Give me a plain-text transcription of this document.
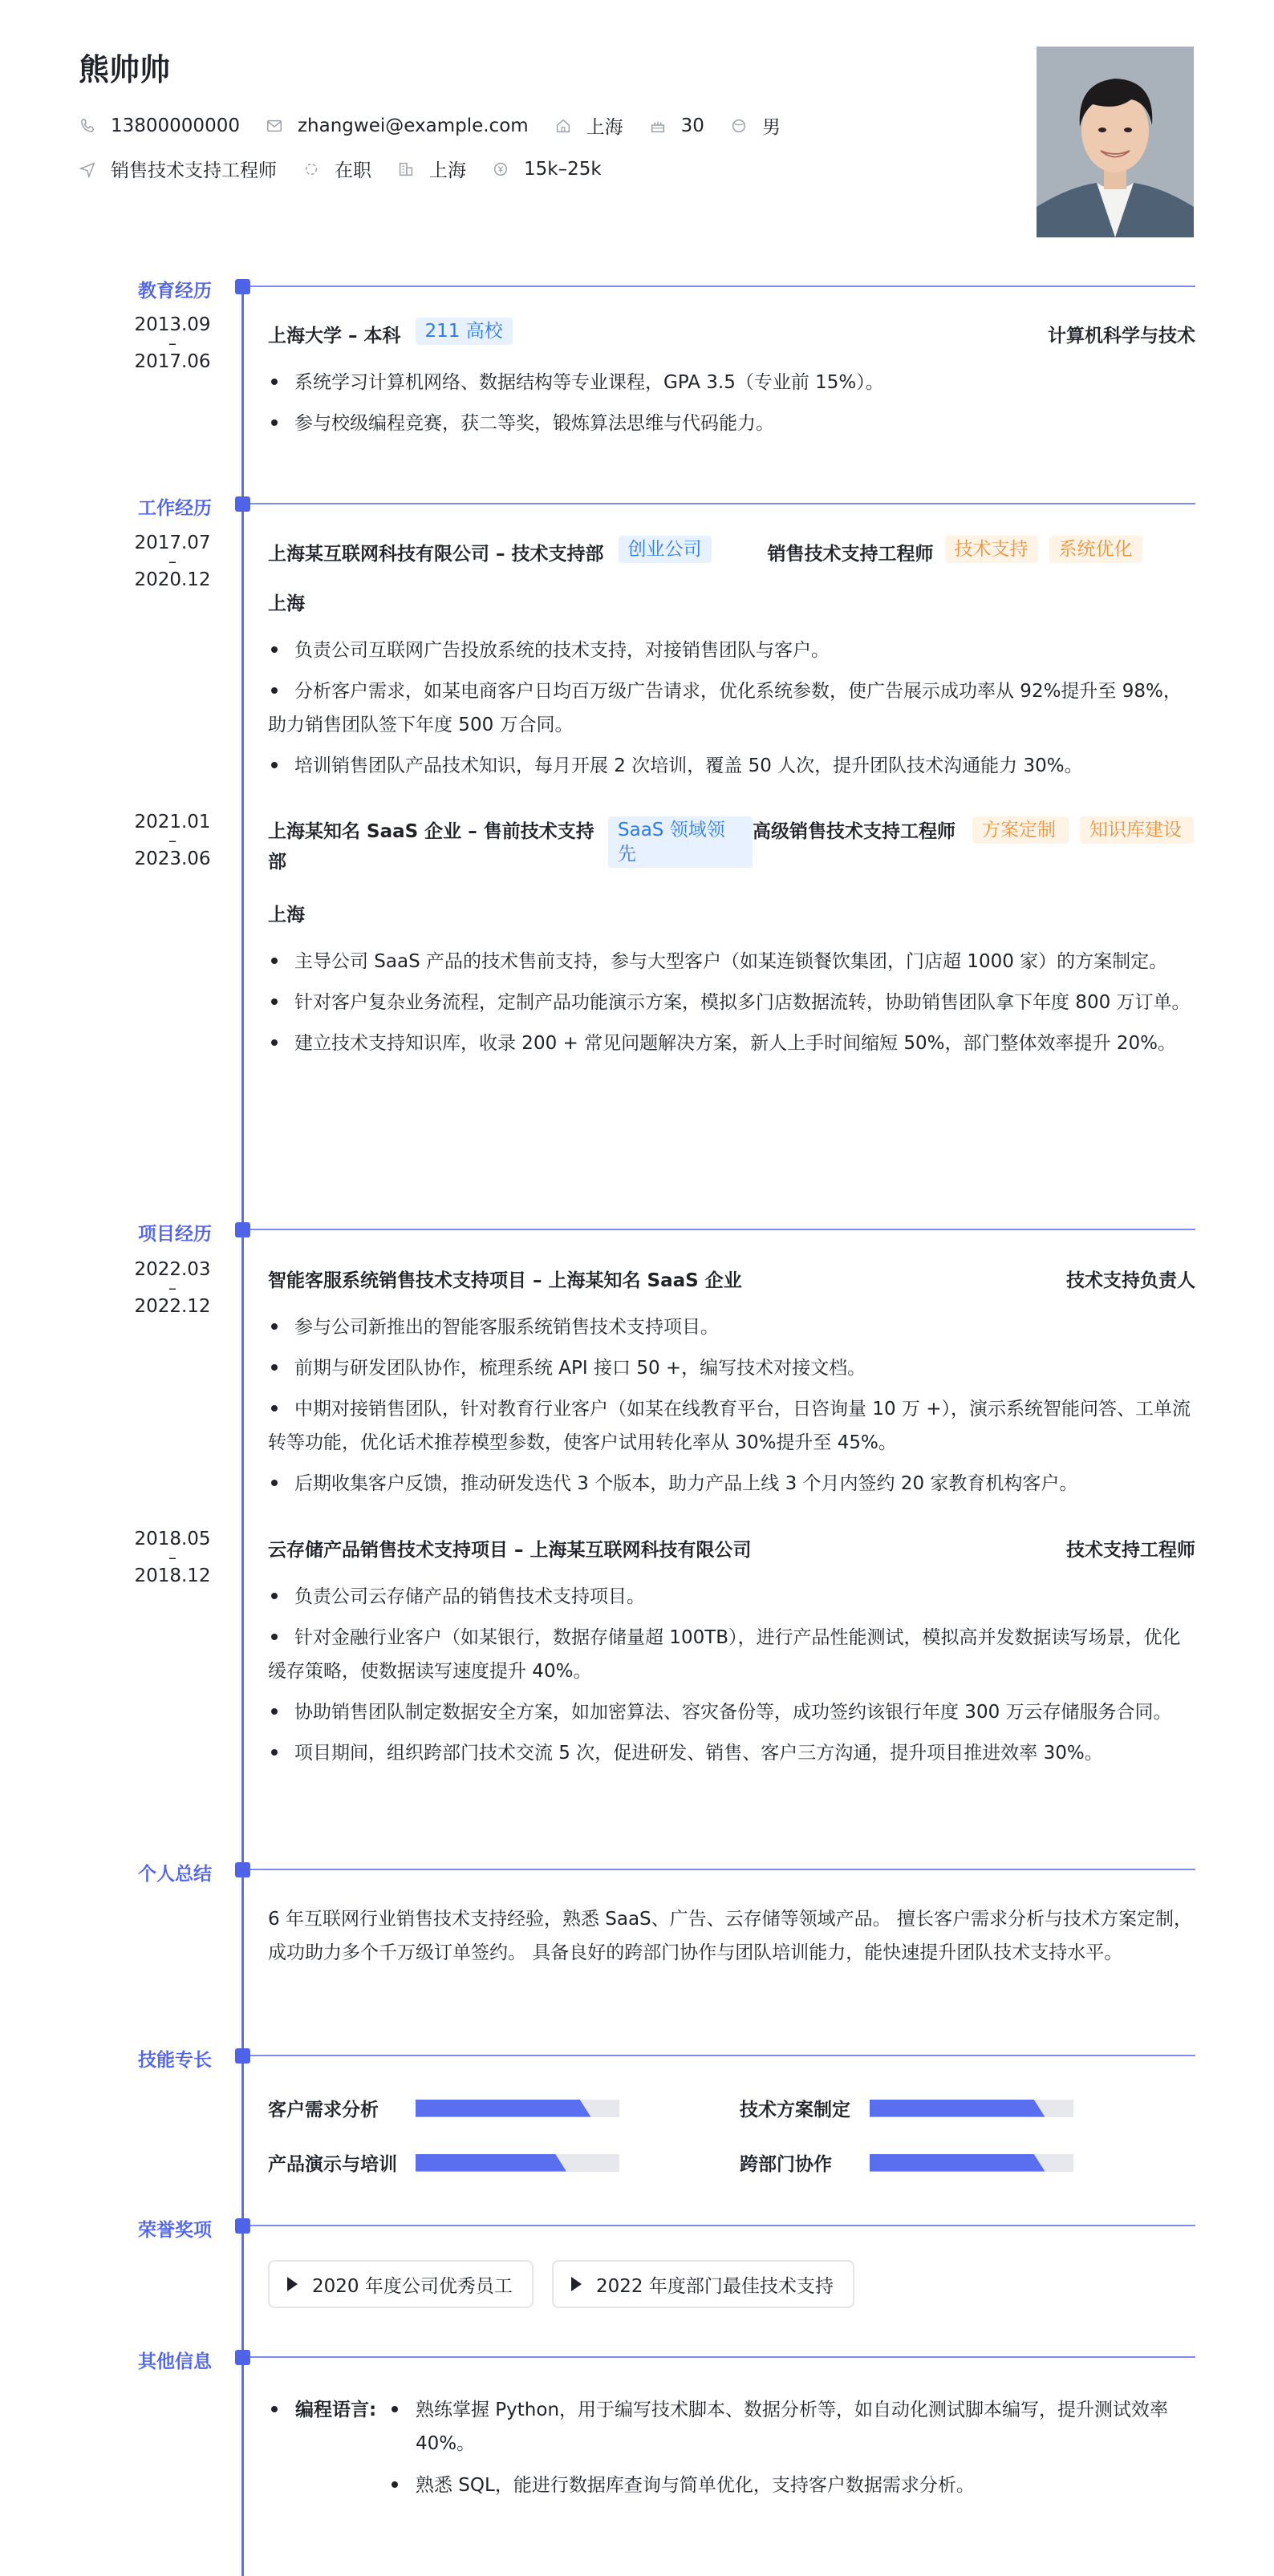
熊帅帅
13800000000	zhangwei@example.com	上海	30	男
销售技术支持工程师	在职	上海	15k–25k
教育经历
2013.09
–
2017.06
上海大学 – 本科	211 高校	计算机科学与技术
系统学习计算机网络、数据结构等专业课程，GPA 3.5（专业前 15%）。
参与校级编程竞赛，获二等奖，锻炼算法思维与代码能力。
工作经历
2017.07
–
2020.12
上海某互联网科技有限公司 – 技术支持部	创业公司	销售技术支持工程师	技术支持	系统优化
上海
负责公司互联网广告投放系统的技术支持，对接销售团队与客户。
分析客户需求，如某电商客户日均百万级广告请求，优化系统参数，使广告展示成功率从 92%提升至 98%，助力销售团队签下年度 500 万合同。
培训销售团队产品技术知识，每月开展 2 次培训，覆盖 50 人次，提升团队技术沟通能力 30%。
2021.01
–
2023.06
上海某知名 SaaS 企业 – 售前技术支持部
SaaS 领域领先
高级销售技术支持工程师	方案定制	知识库建设
上海
主导公司 SaaS 产品的技术售前支持，参与大型客户（如某连锁餐饮集团，门店超 1000 家）的方案制定。
针对客户复杂业务流程，定制产品功能演示方案，模拟多门店数据流转，协助销售团队拿下年度 800 万订单。
建立技术支持知识库，收录 200 + 常见问题解决方案，新人上手时间缩短 50%，部门整体效率提升 20%。
项目经历
2022.03
–
2022.12
智能客服系统销售技术支持项目 – 上海某知名 SaaS 企业	技术支持负责人
参与公司新推出的智能客服系统销售技术支持项目。
前期与研发团队协作，梳理系统 API 接口 50 +，编写技术对接文档。
中期对接销售团队，针对教育行业客户（如某在线教育平台，日咨询量 10 万 +），演示系统智能问答、工单流转等功能，优化话术推荐模型参数，使客户试用转化率从 30%提升至 45%。
后期收集客户反馈，推动研发迭代 3 个版本，助力产品上线 3 个月内签约 20 家教育机构客户。
2018.05
–
2018.12
云存储产品销售技术支持项目 – 上海某互联网科技有限公司	技术支持工程师
负责公司云存储产品的销售技术支持项目。
针对金融行业客户（如某银行，数据存储量超 100TB），进行产品性能测试，模拟高并发数据读写场景，优化缓存策略，使数据读写速度提升 40%。
协助销售团队制定数据安全方案，如加密算法、容灾备份等，成功签约该银行年度 300 万云存储服务合同。
项目期间，组织跨部门技术交流 5 次，促进研发、销售、客户三方沟通，提升项目推进效率 30%。
个人总结
6 年互联网行业销售技术支持经验，熟悉 SaaS、广告、云存储等领域产品。 擅长客户需求分析与技术方案定制，成功助力多个千万级订单签约。 具备良好的跨部门协作与团队培训能力，能快速提升团队技术支持水平。
技能专长
客户需求分析	技术方案制定
产品演示与培训	跨部门协作
荣誉奖项
2020 年度公司优秀员工	2022 年度部门最佳技术支持
其他信息
编程语言: 熟练掌握 Python，用于编写技术脚本、数据分析等，如自动化测试脚本编写，提升测试效率 40%。
熟悉 SQL，能进行数据库查询与简单优化，支持客户数据需求分析。
